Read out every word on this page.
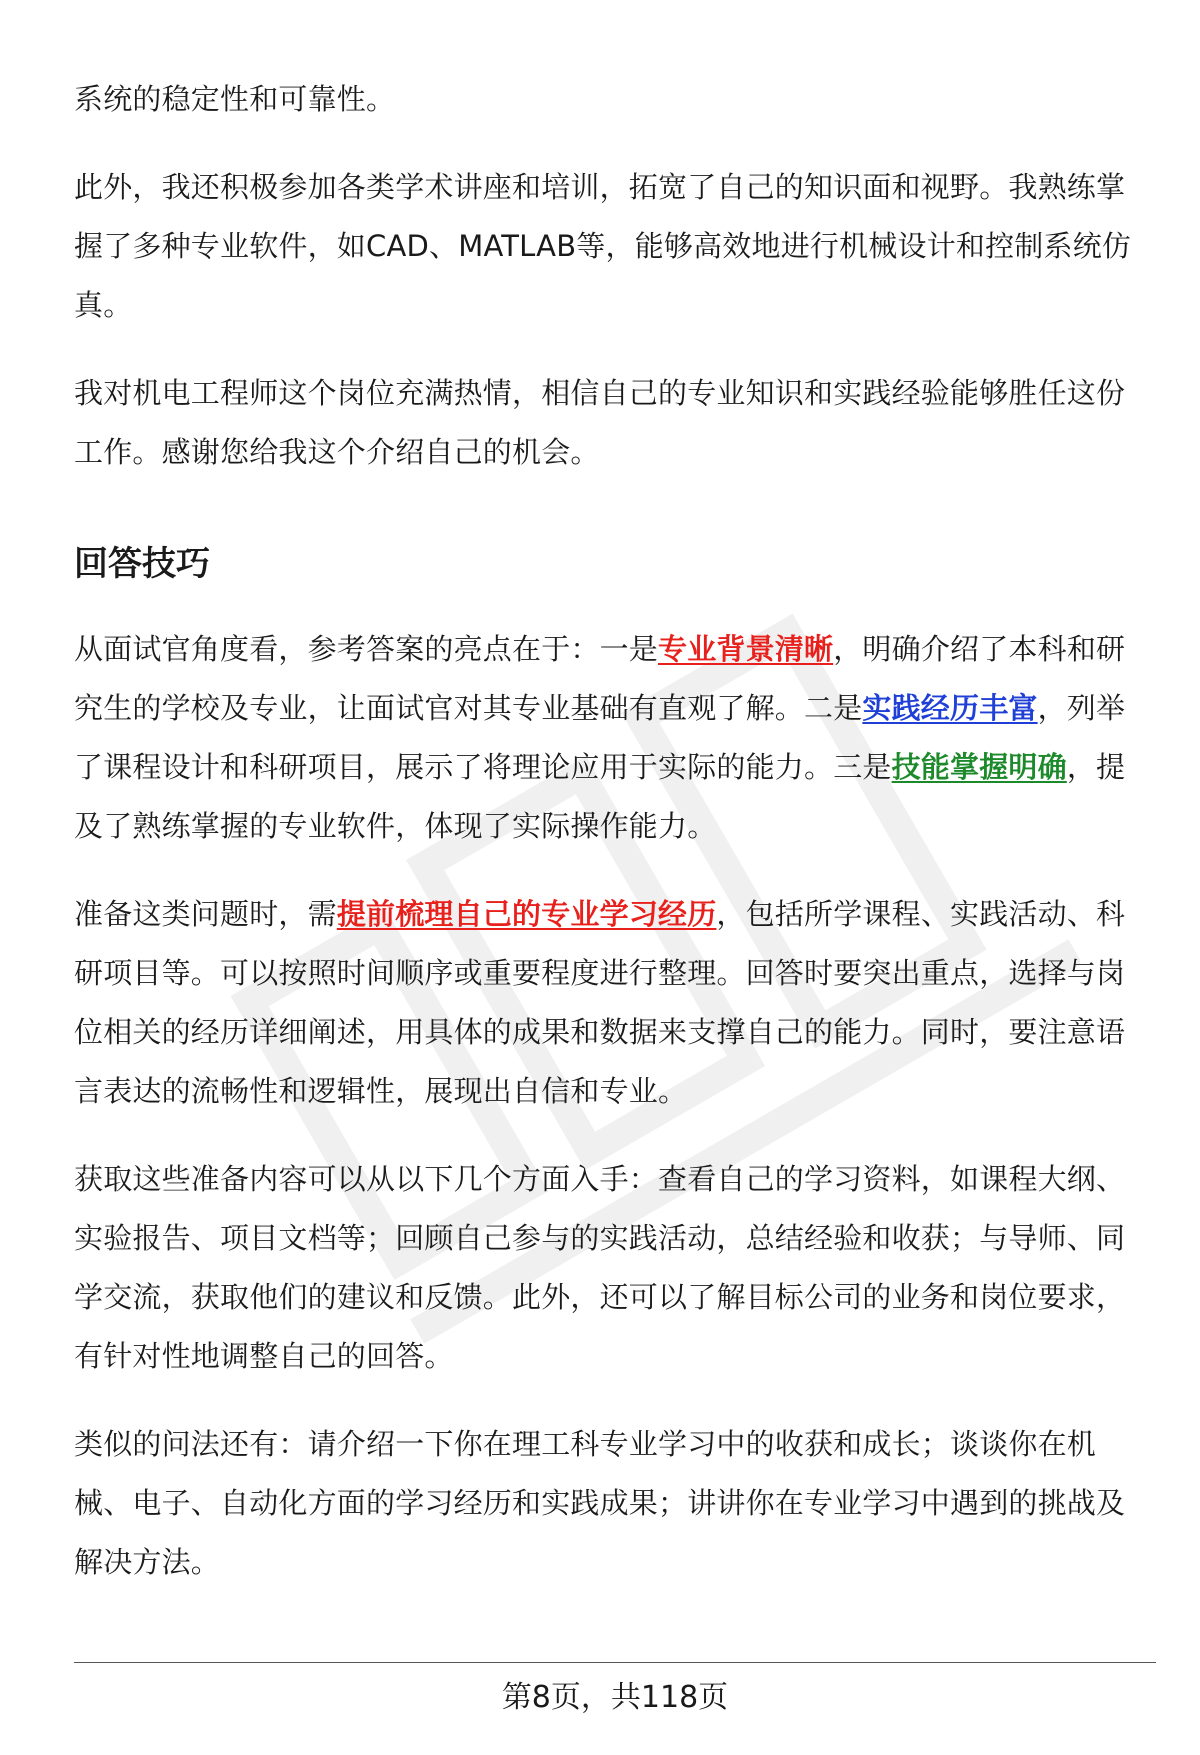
系统的稳定性和可靠性。

此外，我还积极参加各类学术讲座和培训，拓宽了自己的知识面和视野。我熟练掌握了多种专业软件，如CAD、MATLAB等，能够高效地进行机械设计和控制系统仿真。

我对机电工程师这个岗位充满热情，相信自己的专业知识和实践经验能够胜任这份工作。感谢您给我这个介绍自己的机会。

回答技巧

从面试官角度看，参考答案的亮点在于：一是专业背景清晰，明确介绍了本科和研究生的学校及专业，让面试官对其专业基础有直观了解。二是实践经历丰富，列举了课程设计和科研项目，展示了将理论应用于实际的能力。三是技能掌握明确，提及了熟练掌握的专业软件，体现了实际操作能力。

准备这类问题时，需提前梳理自己的专业学习经历，包括所学课程、实践活动、科研项目等。可以按照时间顺序或重要程度进行整理。回答时要突出重点，选择与岗位相关的经历详细阐述，用具体的成果和数据来支撑自己的能力。同时，要注意语言表达的流畅性和逻辑性，展现出自信和专业。

获取这些准备内容可以从以下几个方面入手：查看自己的学习资料，如课程大纲、实验报告、项目文档等；回顾自己参与的实践活动，总结经验和收获；与导师、同学交流，获取他们的建议和反馈。此外，还可以了解目标公司的业务和岗位要求，有针对性地调整自己的回答。

类似的问法还有：请介绍一下你在理工科专业学习中的收获和成长；谈谈你在机械、电子、自动化方面的学习经历和实践成果；讲讲你在专业学习中遇到的挑战及解决方法。

第8页，共118页
